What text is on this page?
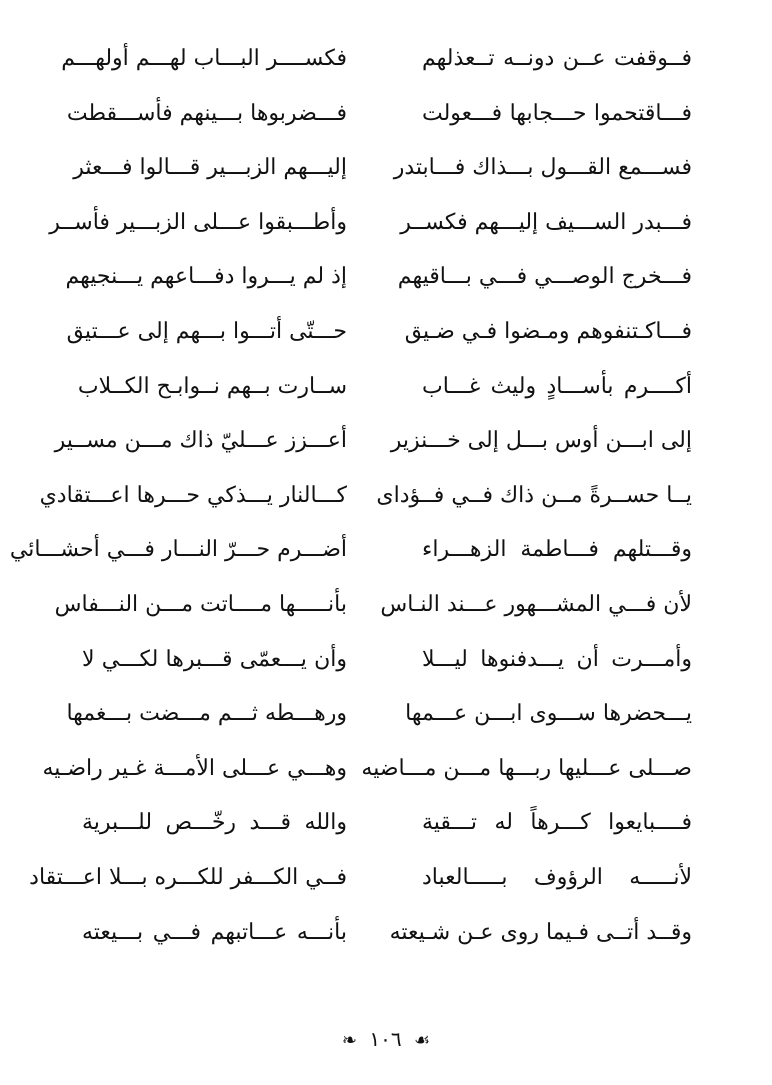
فــوقفت عــن دونــه تــعذلهم
فكســــر البـــاب لهـــم أولهـــم
فـــاقتحموا حـــجابها فـــعولت
فـــضربوها بـــينهم فأســـقطت
فســـمع القـــول بـــذاك فـــابتدر
إليـــهم الزبـــير قـــالوا فـــعثر
فـــبدر الســـيف إليـــهم فكســر
وأطـــبقوا عـــلى الزبـــير فأســر
فـــخرج الوصـــي فـــي بـــاقيهم
إذ لم يـــروا دفـــاعهم يـــنجيهم
فـــاكـتنفوهم ومـضوا فـي ضـيق
حـــتّى أتـــوا بـــهم إلى عـــتيق
أكــــرم بأســـادٍ وليث غـــاب
ســارت بــهم نــوابـح الكــلاب
إلى ابـــن أوس بـــل إلى خـــنزير
أعـــزز عـــليّ ذاك مـــن مســير
يــا حســرةً مــن ذاك فــي فــؤدای
كـــالنار يـــذكي حـــرها اعـــتقادي
وقـــتلهم فـــاطمة الزهـــراء
أضـــرم حـــرّ النـــار فـــي أحشـــائي
لأن فـــي المشـــهور عـــند النـاس
بأنـــــها مــــاتت مـــن النـــفاس
وأمـــرت أن يـــدفنوها ليـــلا
وأن يـــعمّى قـــبرها لكـــي لا
يـــحضرها ســـوى ابـــن عـــمها
ورهـــطه ثـــم مـــضت بـــغمها
صـــلى عـــليها ربـــها مـــن مـــاضيه
وهـــي عـــلى الأمـــة غـير راضـيه
فــــبايعوا كـــرهاً له تـــقية
والله قـــد رخّـــص للـــبرية
لأنـــــه الرؤوف بـــــالعباد
فــي الكـــفر للكـــره بـــلا اعـــتقاد
وقــد أتــى فـيما روى عـن شـيعته
بأنـــه عـــاتبهم فـــي بـــيعته
☙ ١٠٦ ❧
